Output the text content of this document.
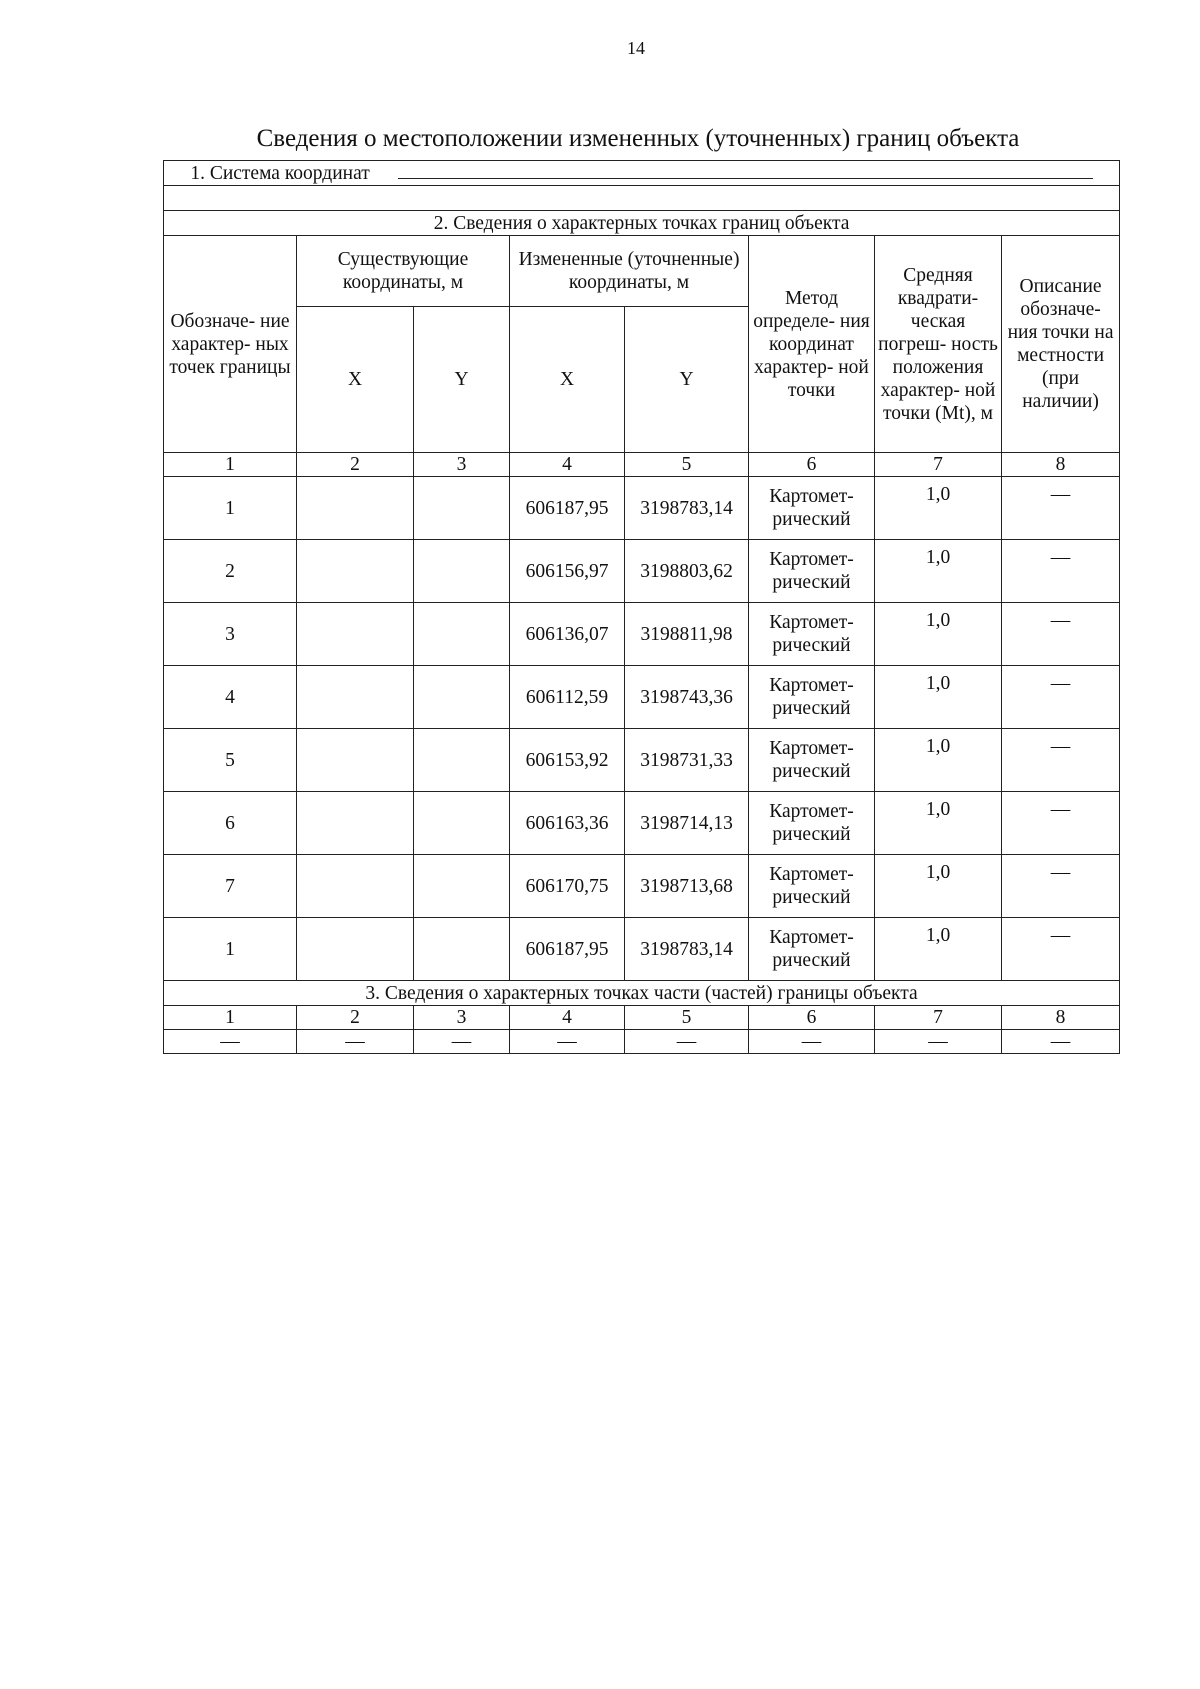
14
Сведения о местоположении измененных (уточненных) границ объекта
1. Система координат							

2. Сведения о характерных точках границ объекта							
Обозначе- ние характер- ных точек границы	Существующие координаты, м		Измененные (уточненные) координаты, м		Метод определе- ния координат характер- ной точки	Средняя квадрати- ческая погреш- ность положения характер- ной точки (Mt), м	Описание обозначе- ния точки на местности (при наличии)
	X	Y	X	Y			
1	2	3	4	5	6	7	8
1			606187,95	3198783,14	Картомет- рический	1,0	—
2			606156,97	3198803,62	Картомет- рический	1,0	—
3			606136,07	3198811,98	Картомет- рический	1,0	—
4			606112,59	3198743,36	Картомет- рический	1,0	—
5			606153,92	3198731,33	Картомет- рический	1,0	—
6			606163,36	3198714,13	Картомет- рический	1,0	—
7			606170,75	3198713,68	Картомет- рический	1,0	—
1			606187,95	3198783,14	Картомет- рический	1,0	—
3. Сведения о характерных точках части (частей) границы объекта							
1	2	3	4	5	6	7	8
—	—	—	—	—	—	—	—
